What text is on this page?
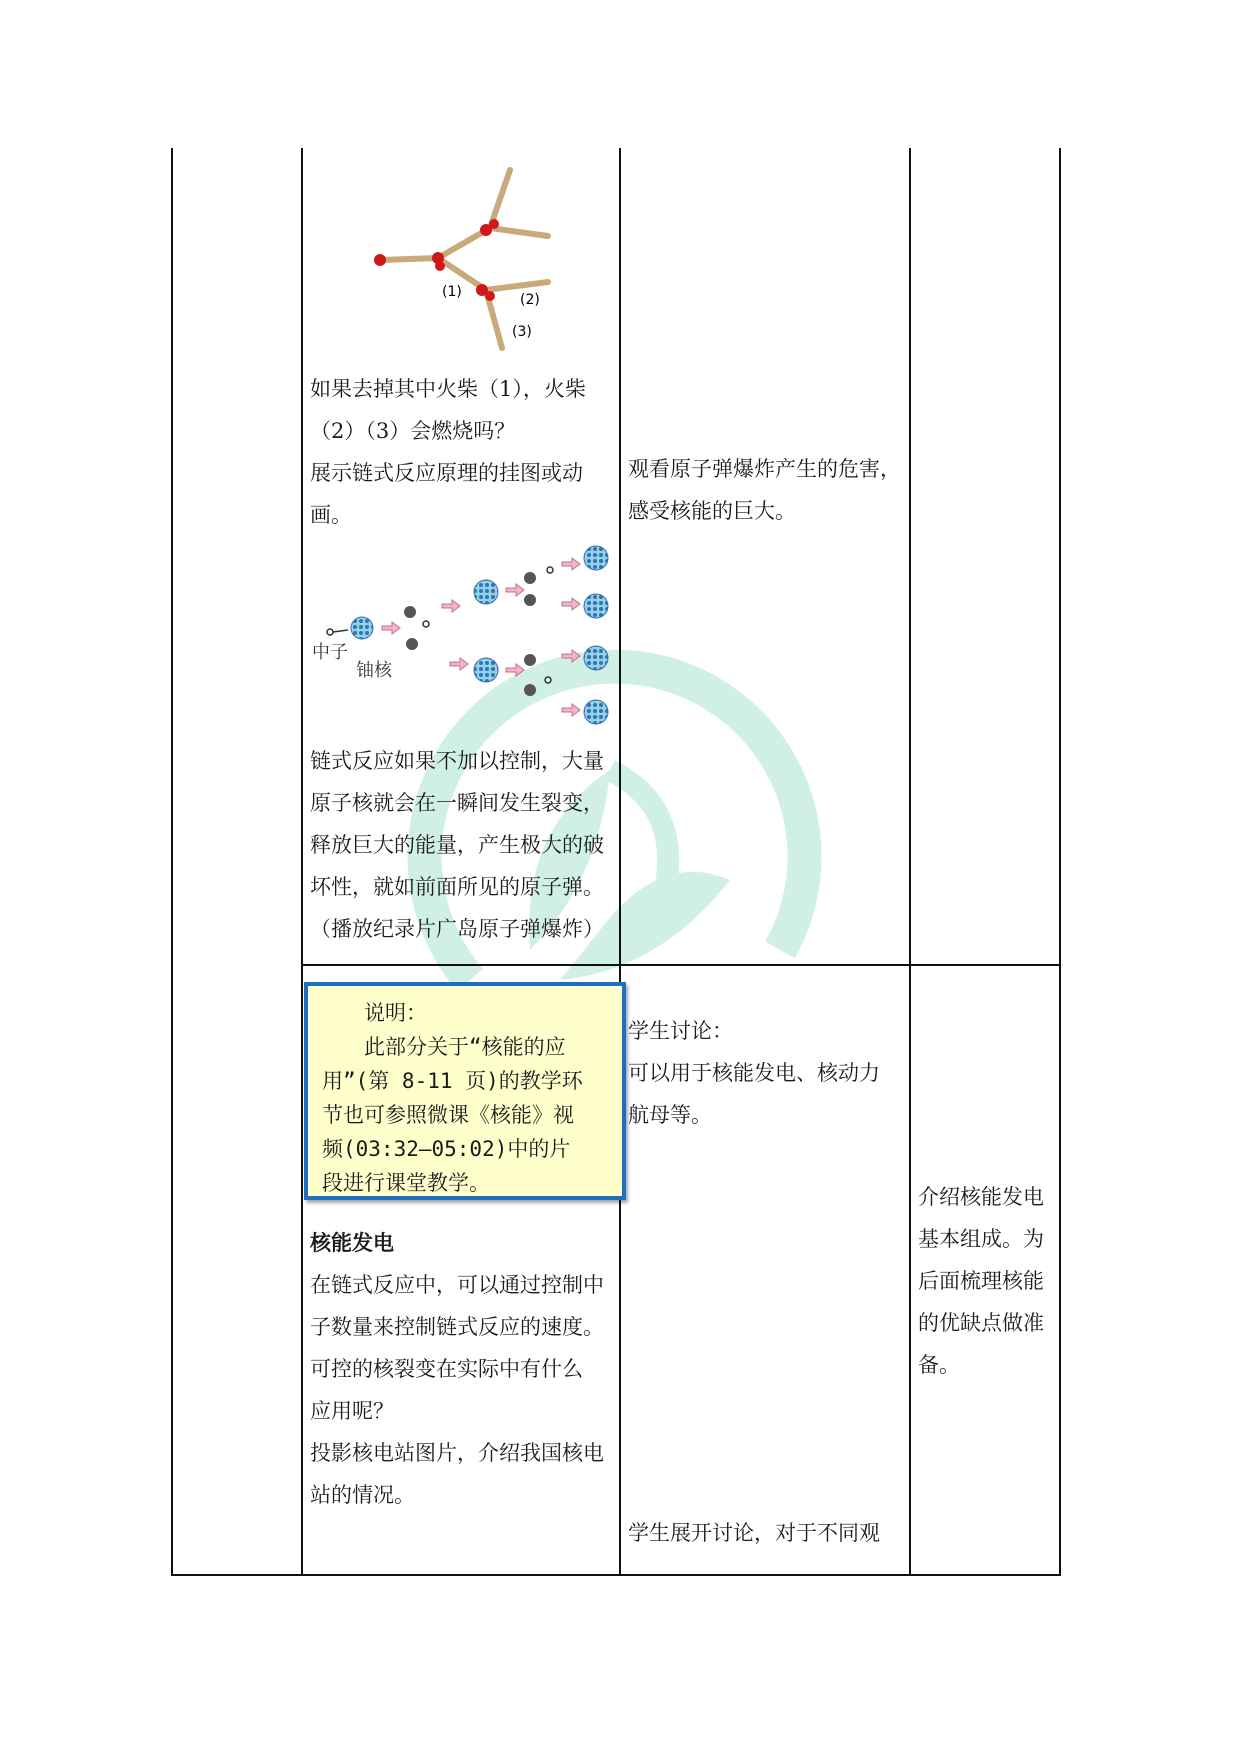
(1)	(2)
(3)

如果去掉其中火柴（1），火柴

（2）（3）会燃烧吗？

展示链式反应原理的挂图或动

画。

中子
铀核

链式反应如果不加以控制，大量

原子核就会在一瞬间发生裂变，

释放巨大的能量，产生极大的破

坏性，就如前面所见的原子弹。

（播放纪录片广岛原子弹爆炸）

说明：

此部分关于“核能的应

用”(第 8-11 页)的教学环

节也可参照微课《核能》视

频(03:32—05:02)中的片

段进行课堂教学。

核能发电

在链式反应中，可以通过控制中

子数量来控制链式反应的速度。

可控的核裂变在实际中有什么

应用呢？

投影核电站图片，介绍我国核电

站的情况。

观看原子弹爆炸产生的危害，

感受核能的巨大。

学生讨论：

可以用于核能发电、核动力

航母等。

学生展开讨论，对于不同观

介绍核能发电

基本组成。为

后面梳理核能

的优缺点做准

备。
